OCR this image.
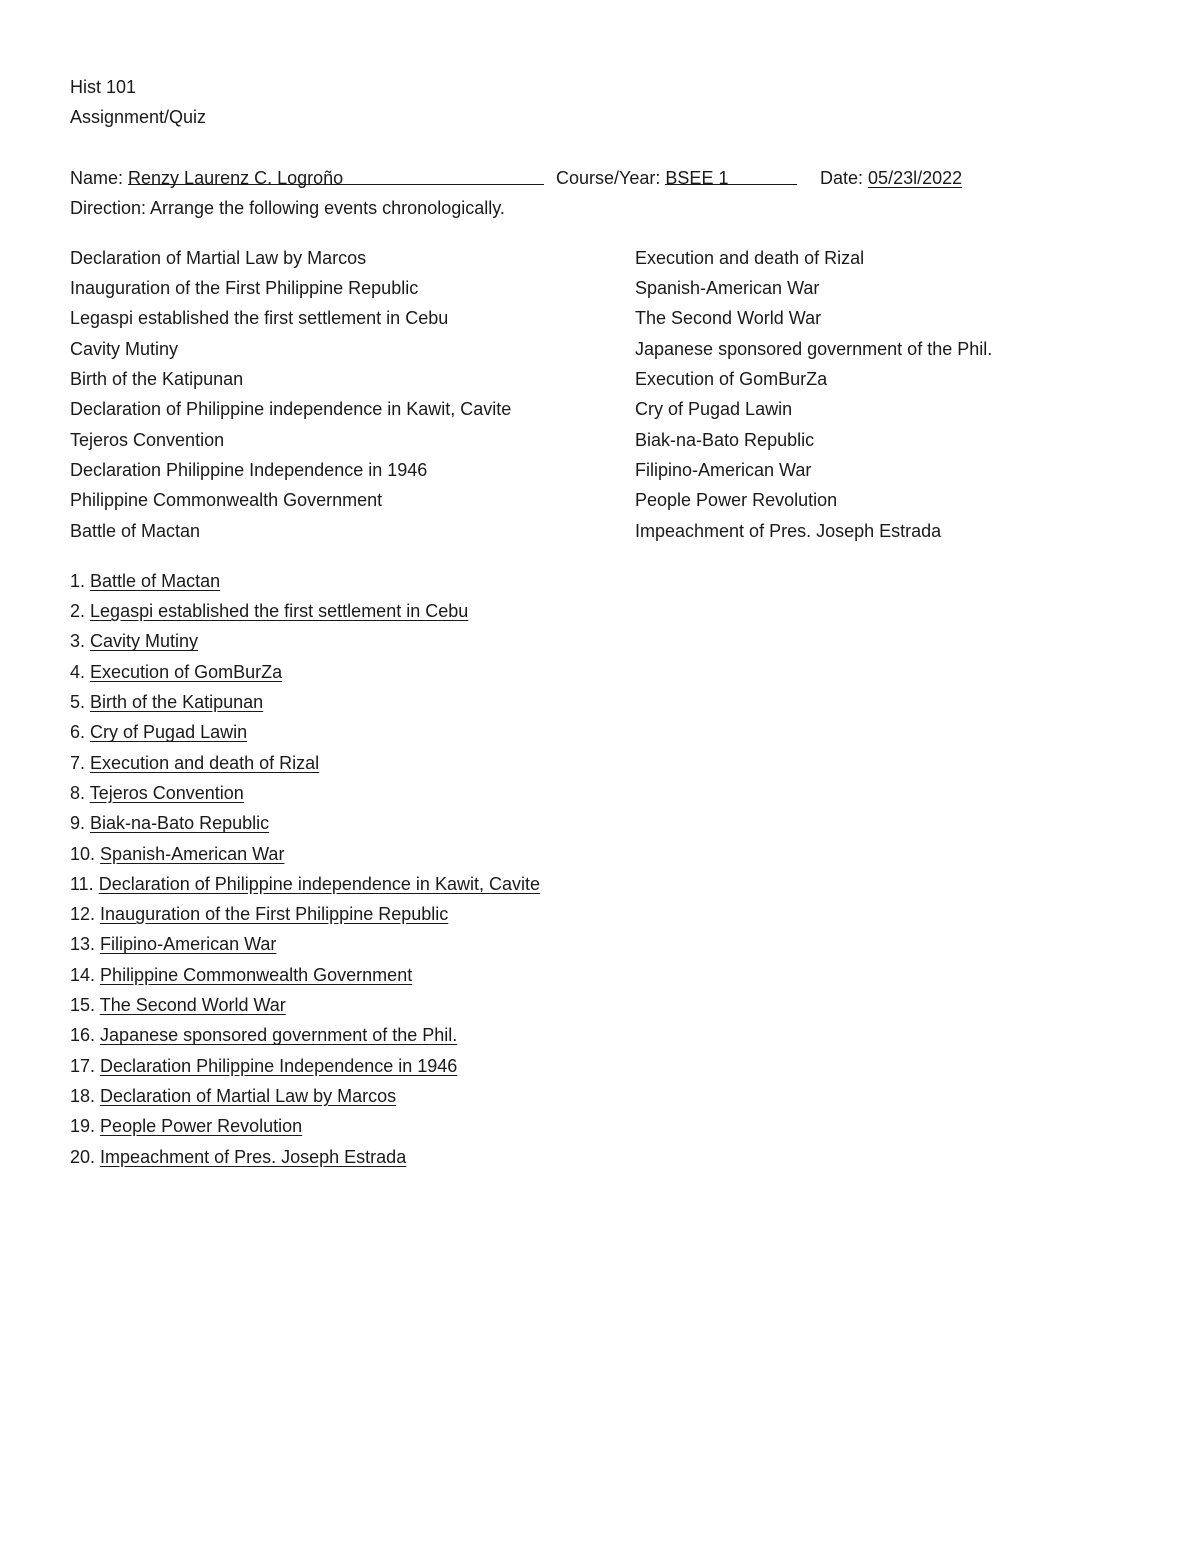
Hist 101
Assignment/Quiz
Name: Renzy Laurenz C. Logroño	Course/Year: BSEE 1	Date: 05/23l/2022
Direction: Arrange the following events chronologically.
Declaration of Martial Law by Marcos
Inauguration of the First Philippine Republic
Legaspi established the first settlement in Cebu
Cavity Mutiny
Birth of the Katipunan
Declaration of Philippine independence in Kawit, Cavite
Tejeros Convention
Declaration Philippine Independence in 1946
Philippine Commonwealth Government
Battle of Mactan
Execution and death of Rizal
Spanish-American War
The Second World War
Japanese sponsored government of the Phil.
Execution of GomBurZa
Cry of Pugad Lawin
Biak-na-Bato Republic
Filipino-American War
People Power Revolution
Impeachment of Pres. Joseph Estrada
1. Battle of Mactan
2. Legaspi established the first settlement in Cebu
3. Cavity Mutiny
4. Execution of GomBurZa
5. Birth of the Katipunan
6. Cry of Pugad Lawin
7. Execution and death of Rizal
8. Tejeros Convention
9. Biak-na-Bato Republic
10. Spanish-American War
11. Declaration of Philippine independence in Kawit, Cavite
12. Inauguration of the First Philippine Republic
13. Filipino-American War
14. Philippine Commonwealth Government
15. The Second World War
16. Japanese sponsored government of the Phil.
17. Declaration Philippine Independence in 1946
18. Declaration of Martial Law by Marcos
19. People Power Revolution
20. Impeachment of Pres. Joseph Estrada
